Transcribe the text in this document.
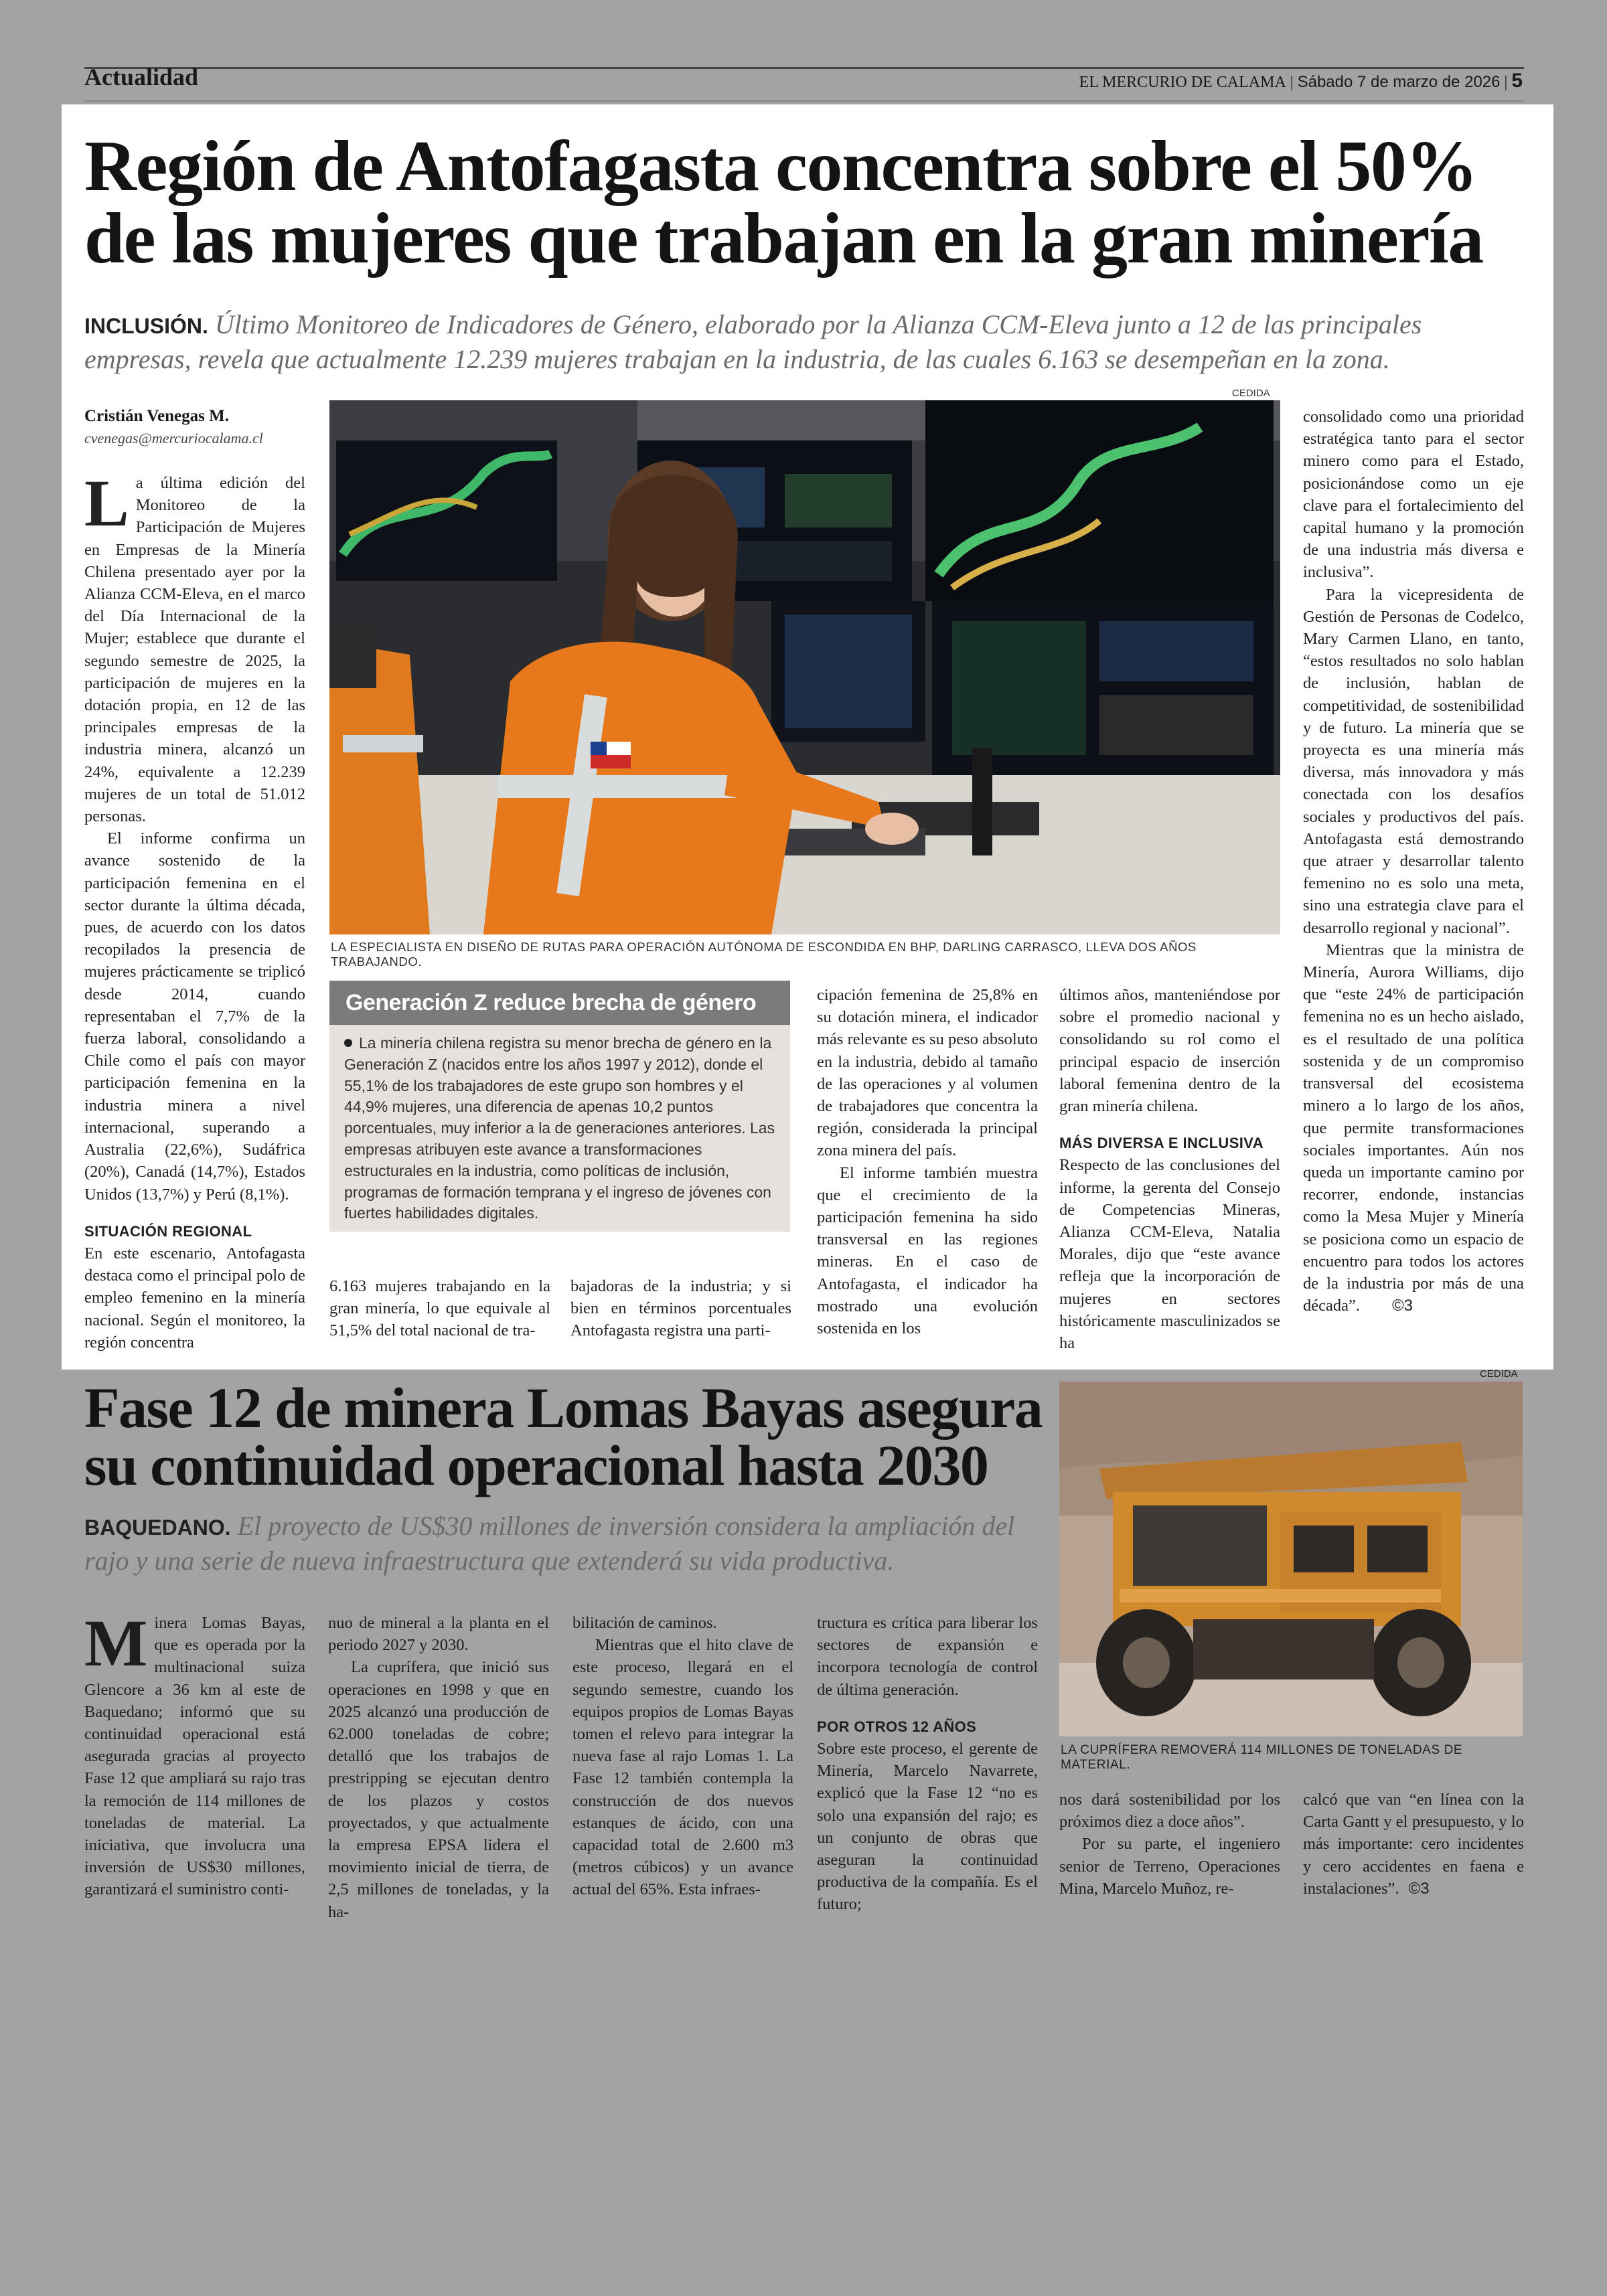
Actualidad	EL MERCURIO DE CALAMA | Sábado 7 de marzo de 2026 | 5
Región de Antofagasta concentra sobre el 50% de las mujeres que trabajan en la gran minería
INCLUSIÓN. Último Monitoreo de Indicadores de Género, elaborado por la Alianza CCM-Eleva junto a 12 de las principales empresas, revela que actualmente 12.239 mujeres trabajan en la industria, de las cuales 6.163 se desempeñan en la zona.
Cristián Venegas M.
cvenegas@mercuriocalama.cl

La última edición del Monitoreo de la Participación de Mujeres en Empresas de la Minería Chilena presentado ayer por la Alianza CCM-Eleva, en el marco del Día Internacional de la Mujer; establece que durante el segundo semestre de 2025, la participación de mujeres en la dotación propia, en 12 de las principales empresas de la industria minera, alcanzó un 24%, equivalente a 12.239 mujeres de un total de 51.012 personas.

El informe confirma un avance sostenido de la participación femenina en el sector durante la última década, pues, de acuerdo con los datos recopilados la presencia de mujeres prácticamente se triplicó desde 2014, cuando representaban el 7,7% de la fuerza laboral, consolidando a Chile como el país con mayor participación femenina en la industria minera a nivel internacional, superando a Australia (22,6%), Sudáfrica (20%), Canadá (14,7%), Estados Unidos (13,7%) y Perú (8,1%).

SITUACIÓN REGIONAL

En este escenario, Antofagasta destaca como el principal polo de empleo femenino en la minería nacional. Según el monitoreo, la región concentra

CEDIDA
LA ESPECIALISTA EN DISEÑO DE RUTAS PARA OPERACIÓN AUTÓNOMA DE ESCONDIDA EN BHP, DARLING CARRASCO, LLEVA DOS AÑOS TRABAJANDO.

consolidado como una prioridad estratégica tanto para el sector minero como para el Estado, posicionándose como un eje clave para el fortalecimiento del capital humano y la promoción de una industria más diversa e inclusiva”.

Para la vicepresidenta de Gestión de Personas de Codelco, Mary Carmen Llano, en tanto, “estos resultados no solo hablan de inclusión, hablan de competitividad, de sostenibilidad y de futuro. La minería que se proyecta es una minería más diversa, más innovadora y más conectada con los desafíos sociales y productivos del país. Antofagasta está demostrando que atraer y desarrollar talento femenino no es solo una meta, sino una estrategia clave para el desarrollo regional y nacional”.

Mientras que la ministra de Minería, Aurora Williams, dijo que “este 24% de participación femenina no es un hecho aislado, es el resultado de una política sostenida y de un compromiso transversal del ecosistema minero a lo largo de los años, que permite transformaciones sociales importantes. Aún nos queda un importante camino por recorrer, endonde, instancias como la Mesa Mujer y Minería se posiciona como un espacio de encuentro para todos los actores de la industria por más de una década”. ©3

Generación Z reduce brecha de género
La minería chilena registra su menor brecha de género en la Generación Z (nacidos entre los años 1997 y 2012), donde el 55,1% de los trabajadores de este grupo son hombres y el 44,9% mujeres, una diferencia de apenas 10,2 puntos porcentuales, muy inferior a la de generaciones anteriores. Las empresas atribuyen este avance a transformaciones estructurales en la industria, como políticas de inclusión, programas de formación temprana y el ingreso de jóvenes con fuertes habilidades digitales.

6.163 mujeres trabajando en la gran minería, lo que equivale al 51,5% del total nacional de tra-

bajadoras de la industria; y si bien en términos porcentuales Antofagasta registra una parti-

cipación femenina de 25,8% en su dotación minera, el indicador más relevante es su peso absoluto en la industria, debido al tamaño de las operaciones y al volumen de trabajadores que concentra la región, considerada la principal zona minera del país.

El informe también muestra que el crecimiento de la participación femenina ha sido transversal en las regiones mineras. En el caso de Antofagasta, el indicador ha mostrado una evolución sostenida en los

últimos años, manteniéndose por sobre el promedio nacional y consolidando su rol como el principal espacio de inserción laboral femenina dentro de la gran minería chilena.

MÁS DIVERSA E INCLUSIVA

Respecto de las conclusiones del informe, la gerenta del Consejo de Competencias Mineras, Alianza CCM-Eleva, Natalia Morales, dijo que “este avance refleja que la incorporación de mujeres en sectores históricamente masculinizados se ha

Fase 12 de minera Lomas Bayas asegura su continuidad operacional hasta 2030
BAQUEDANO. El proyecto de US$30 millones de inversión considera la ampliación del rajo y una serie de nueva infraestructura que extenderá su vida productiva.
CEDIDA
LA CUPRÍFERA REMOVERÁ 114 MILLONES DE TONELADAS DE MATERIAL.

Minera Lomas Bayas, que es operada por la multinacional suiza Glencore a 36 km al este de Baquedano; informó que su continuidad operacional está asegurada gracias al proyecto Fase 12 que ampliará su rajo tras la remoción de 114 millones de toneladas de material. La iniciativa, que involucra una inversión de US$30 millones, garantizará el suministro conti-

nuo de mineral a la planta en el periodo 2027 y 2030.

La cuprífera, que inició sus operaciones en 1998 y que en 2025 alcanzó una producción de 62.000 toneladas de cobre; detalló que los trabajos de prestripping se ejecutan dentro de los plazos y costos proyectados, y que actualmente la empresa EPSA lidera el movimiento inicial de tierra, de 2,5 millones de toneladas, y la ha-

bilitación de caminos.

Mientras que el hito clave de este proceso, llegará en el segundo semestre, cuando los equipos propios de Lomas Bayas tomen el relevo para integrar la nueva fase al rajo Lomas 1. La Fase 12 también contempla la construcción de dos nuevos estanques de ácido, con una capacidad total de 2.600 m3 (metros cúbicos) y un avance actual del 65%. Esta infraes-

tructura es crítica para liberar los sectores de expansión e incorpora tecnología de control de última generación.

POR OTROS 12 AÑOS

Sobre este proceso, el gerente de Minería, Marcelo Navarrete, explicó que la Fase 12 “no es solo una expansión del rajo; es un conjunto de obras que aseguran la continuidad productiva de la compañía. Es el futuro;

nos dará sostenibilidad por los próximos diez a doce años”.

Por su parte, el ingeniero senior de Terreno, Operaciones Mina, Marcelo Muñoz, re-

calcó que van “en línea con la Carta Gantt y el presupuesto, y lo más importante: cero incidentes y cero accidentes en faena e instalaciones”. ©3
